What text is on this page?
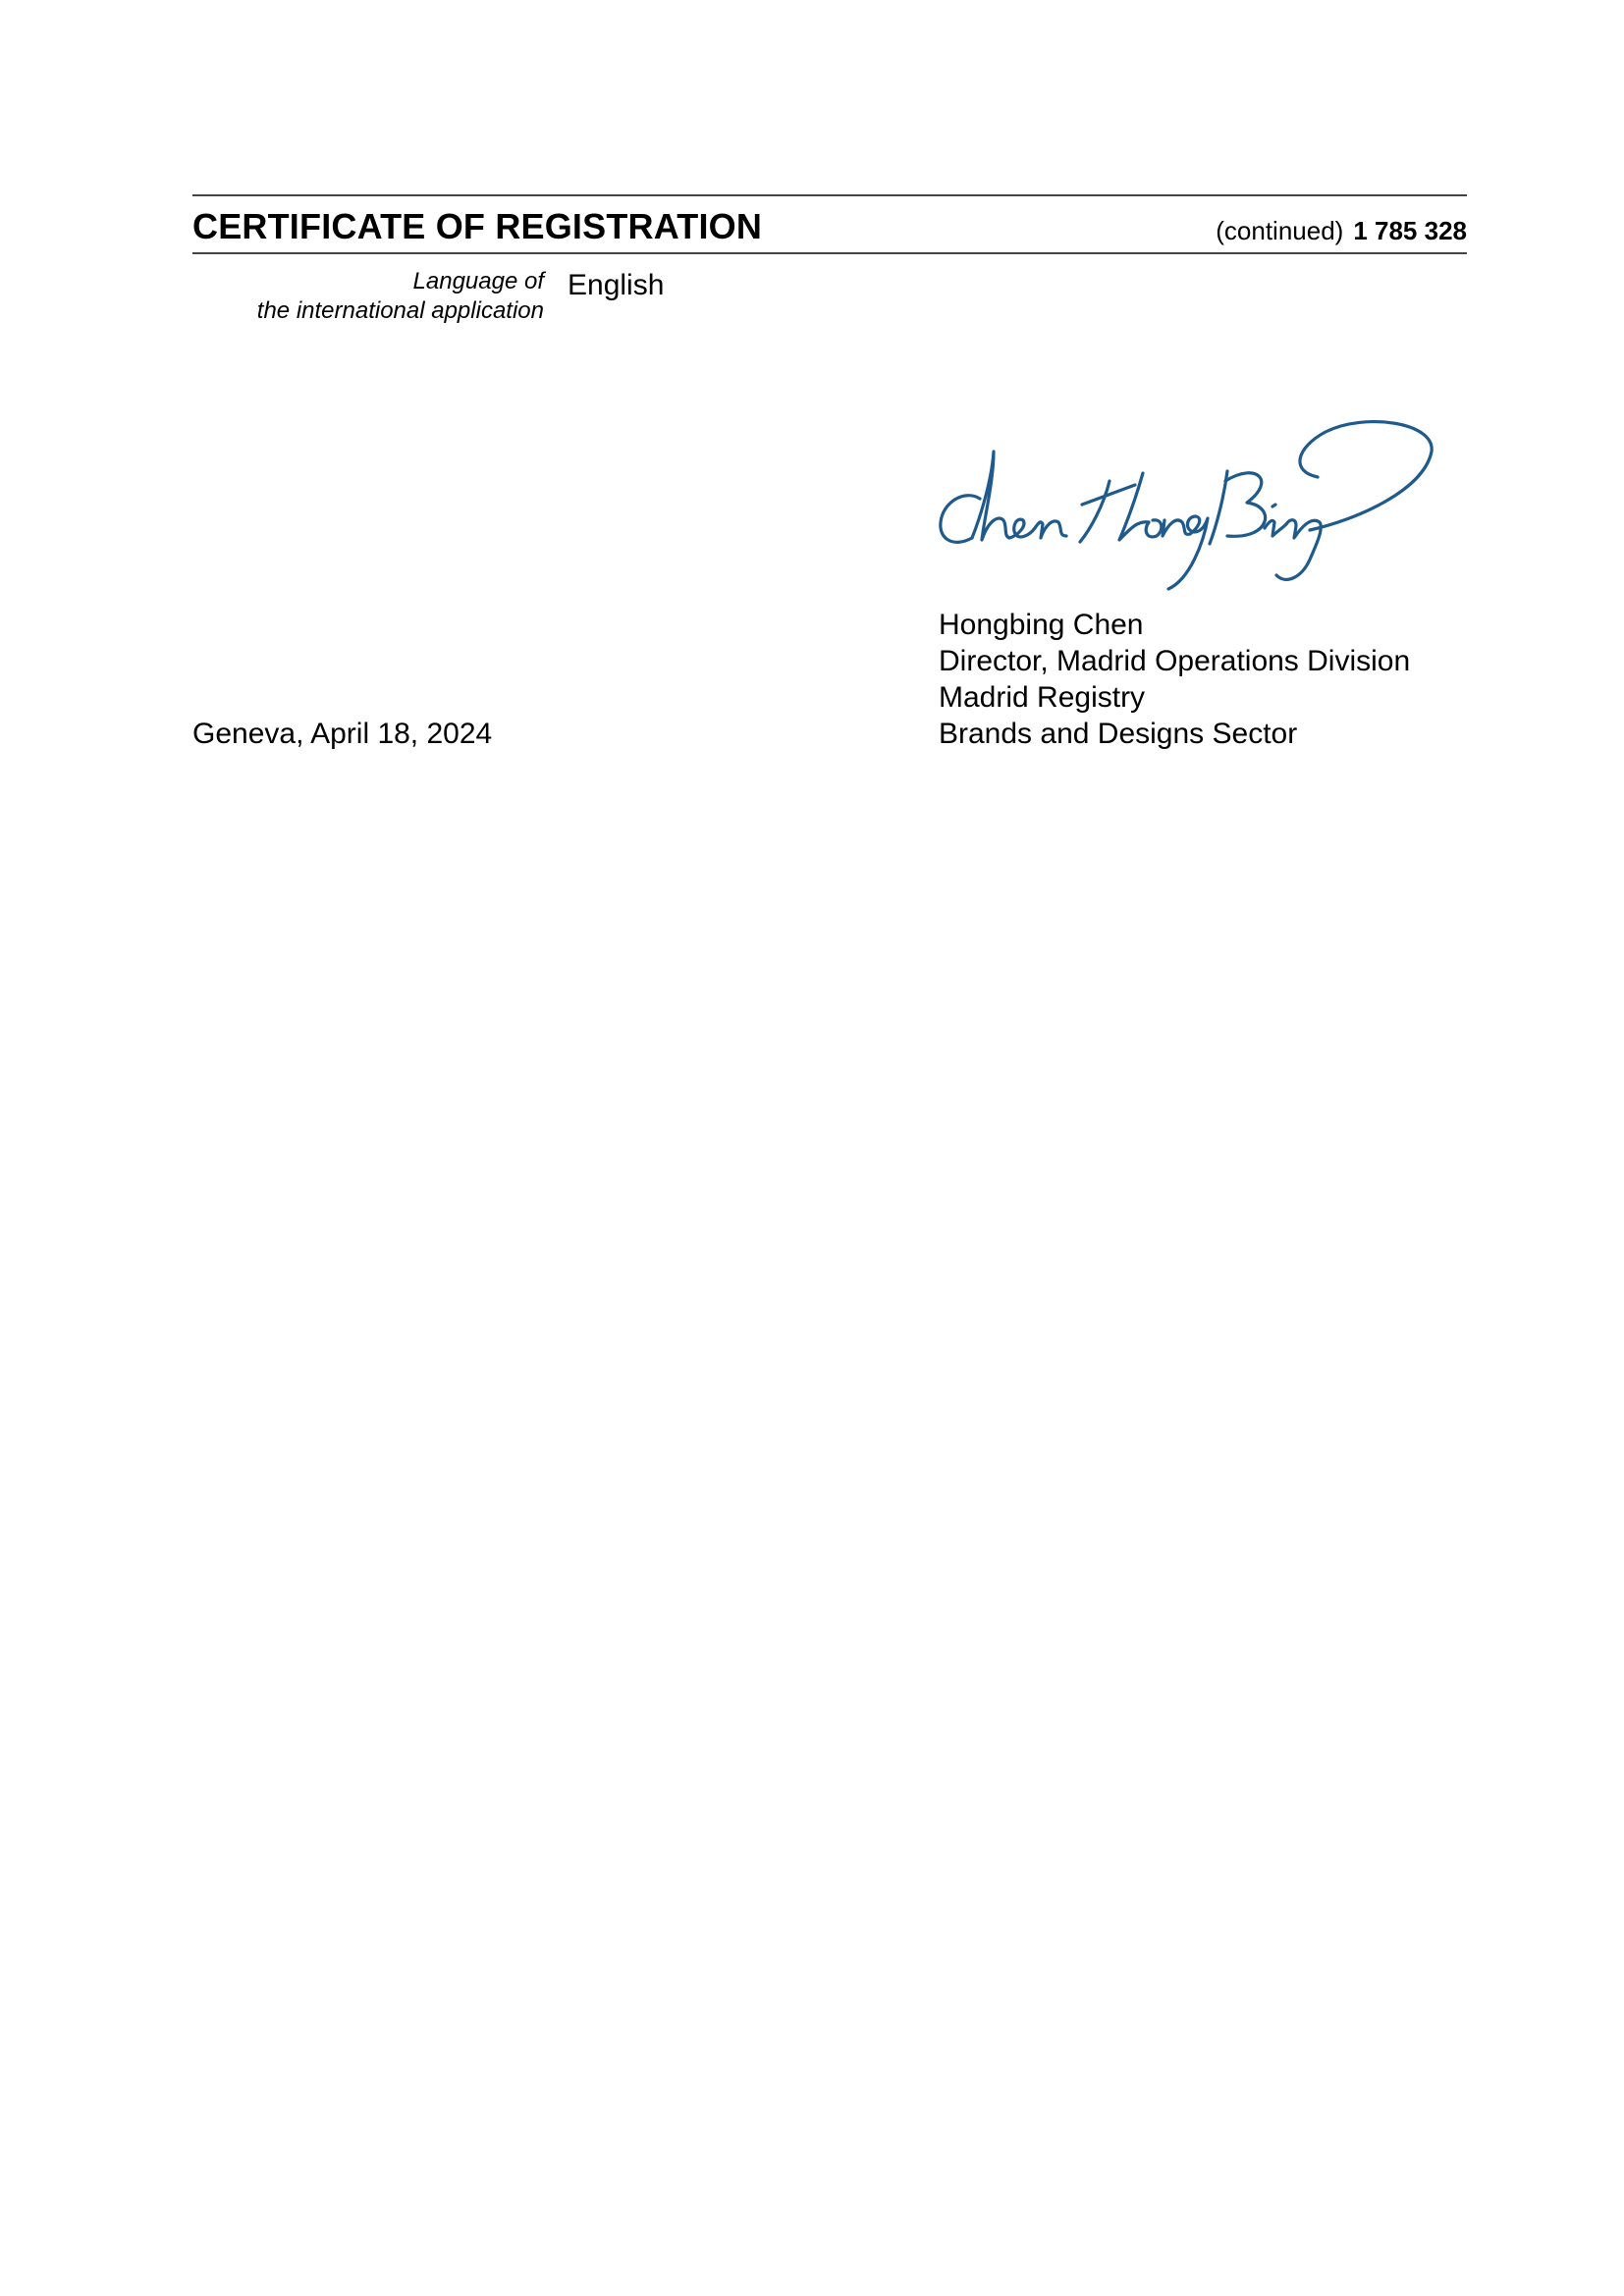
CERTIFICATE OF REGISTRATION	(continued) 1 785 328
Language of
the international application
English
Hongbing Chen
Director, Madrid Operations Division
Madrid Registry
Brands and Designs Sector
Geneva, April 18, 2024
